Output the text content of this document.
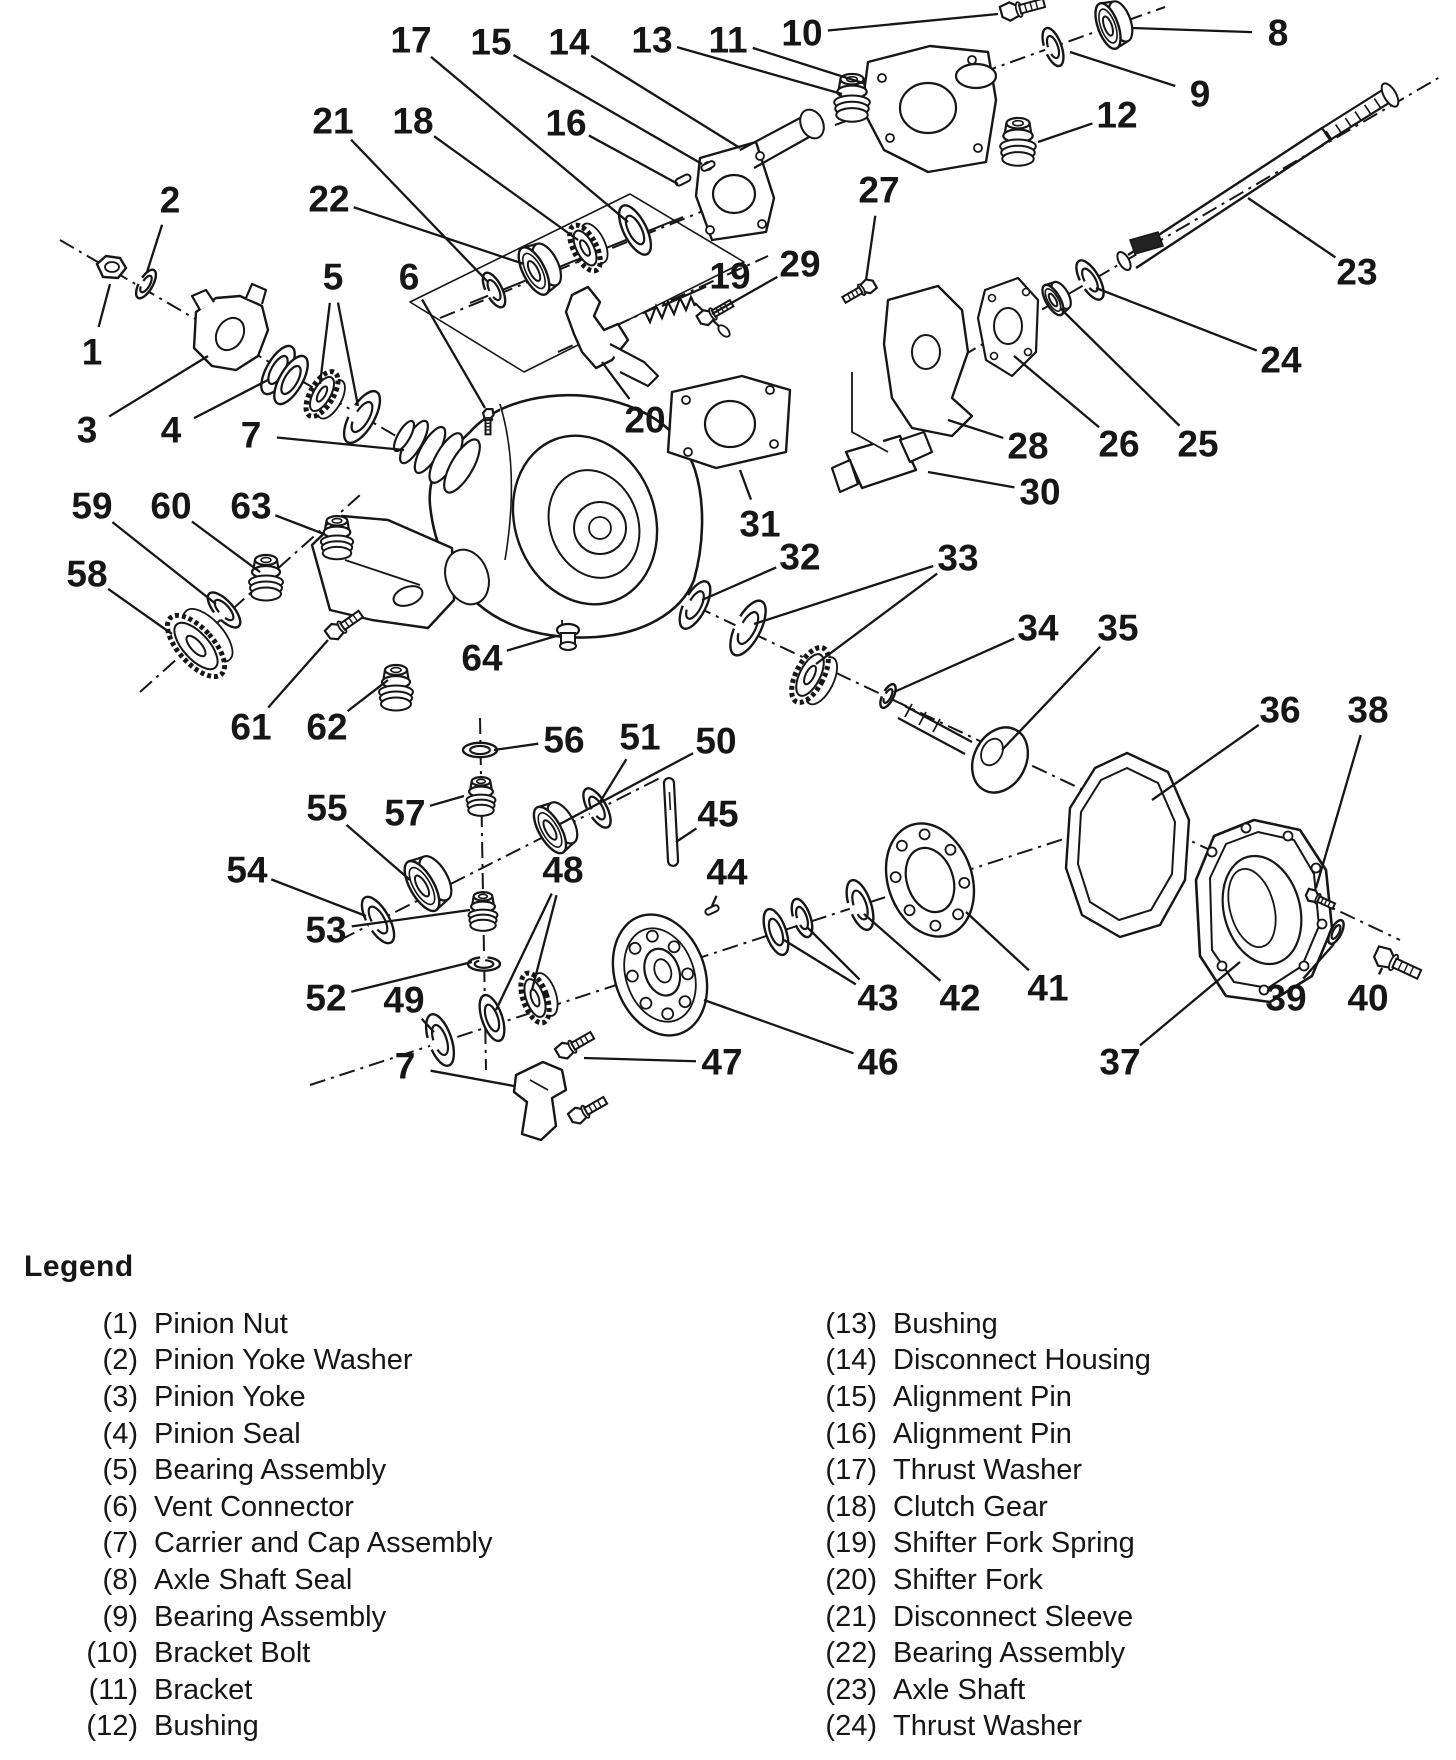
1
2
3 4
5 6
7
8
9
10
11
12
13
14
15
16
17
18
19
20
21
22
23
24
25
26
27
28
29
30
31
32	33
34 35
36
37
38
39 40
41
42
43
44
45
46
47
48
49
50
51
52
53
54
55
56
57
58
59 60
61 62
63
64
7
Legend
(1) Pinion Nut
(2) Pinion Yoke Washer
(3) Pinion Yoke
(4) Pinion Seal
(5) Bearing Assembly
(6) Vent Connector
(7) Carrier and Cap Assembly
(8) Axle Shaft Seal
(9) Bearing Assembly
(10) Bracket Bolt
(11) Bracket
(12) Bushing
(13) Bushing
(14) Disconnect Housing
(15) Alignment Pin
(16) Alignment Pin
(17) Thrust Washer
(18) Clutch Gear
(19) Shifter Fork Spring
(20) Shifter Fork
(21) Disconnect Sleeve
(22) Bearing Assembly
(23) Axle Shaft
(24) Thrust Washer
